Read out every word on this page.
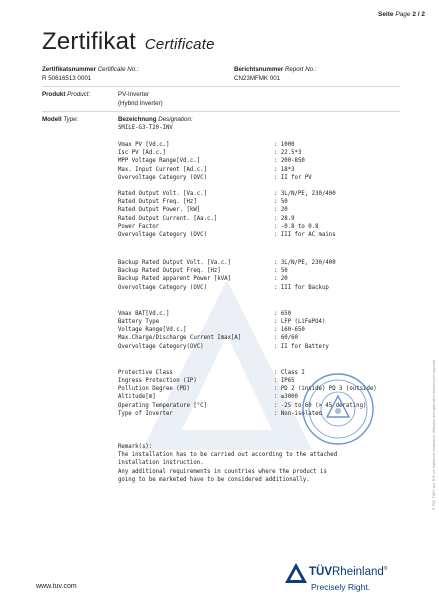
Seite Page 2 / 2
Zertifikat Certificate
Zertifikatsnummer Certificate No.:
R 50616513 0001
Berichtsnummer Report No.:
CN23MFMK 001
Produkt Product:	PV-Inverter
(Hybrid Inverter)
Modell Type:	Bezeichnung Designation:
SMILE-G3-T20-INV
Vmax PV [Vd.c.]	: 1000
Isc PV [Ad.c.]	: 22.5*3
MPP Voltage Range[Vd.c.]	: 200-850
Max. Input Current [Ad.c.]	: 18*3
Overvoltage Category (OVC)	: II for PV
Rated Output Volt. [Va.c.]	: 3L/N/PE, 230/400
Rated Output Freq. [Hz]	: 50
Rated Output Power. [kW]	: 20
Rated Output Current. [Aa.c.]	: 28.9
Power Factor	: -0.8 to 0.8
Overvoltage Category (OVC)	: III for AC mains
Backup Rated Output Volt. [Va.c.]	: 3L/N/PE, 230/400
Backup Rated Output Freq. [Hz]	: 50
Backup Rated apparent Power [kVA]	: 20
Overvoltage Category (OVC)	: III for Backup
Vmax BAT[Vd.c.]	: 650
Battery Type	: LFP (LiFePO4)
Voltage Range[Vd.c.]	: 160-650
Max.Charge/Discharge Current Imax[A]	: 60/60
Overvoltage Category(OVC)	: II for Battery
Protective Class	: Class I
Ingress Protection (IP)	: IP65
Pollution Degree (PD)	: PD 2 (inside) PD 3 (outside)
Altitude[m]	: ≤3000
Operating Temperature [°C]	: -25 to 60 (> 45 derating)
Type of Inverter	: Non-isolated
Remark(s):
The installation has to be carried out according to the attached
installation instruction.
Any additional requirements in countries where the product is
going to be marketed have to be considered additionally.	® TÜV, TUEV and TUV are registered trademarks. Utilisation and application requires prior approval.
www.tuv.com
TÜVRheinland®
Precisely Right.
